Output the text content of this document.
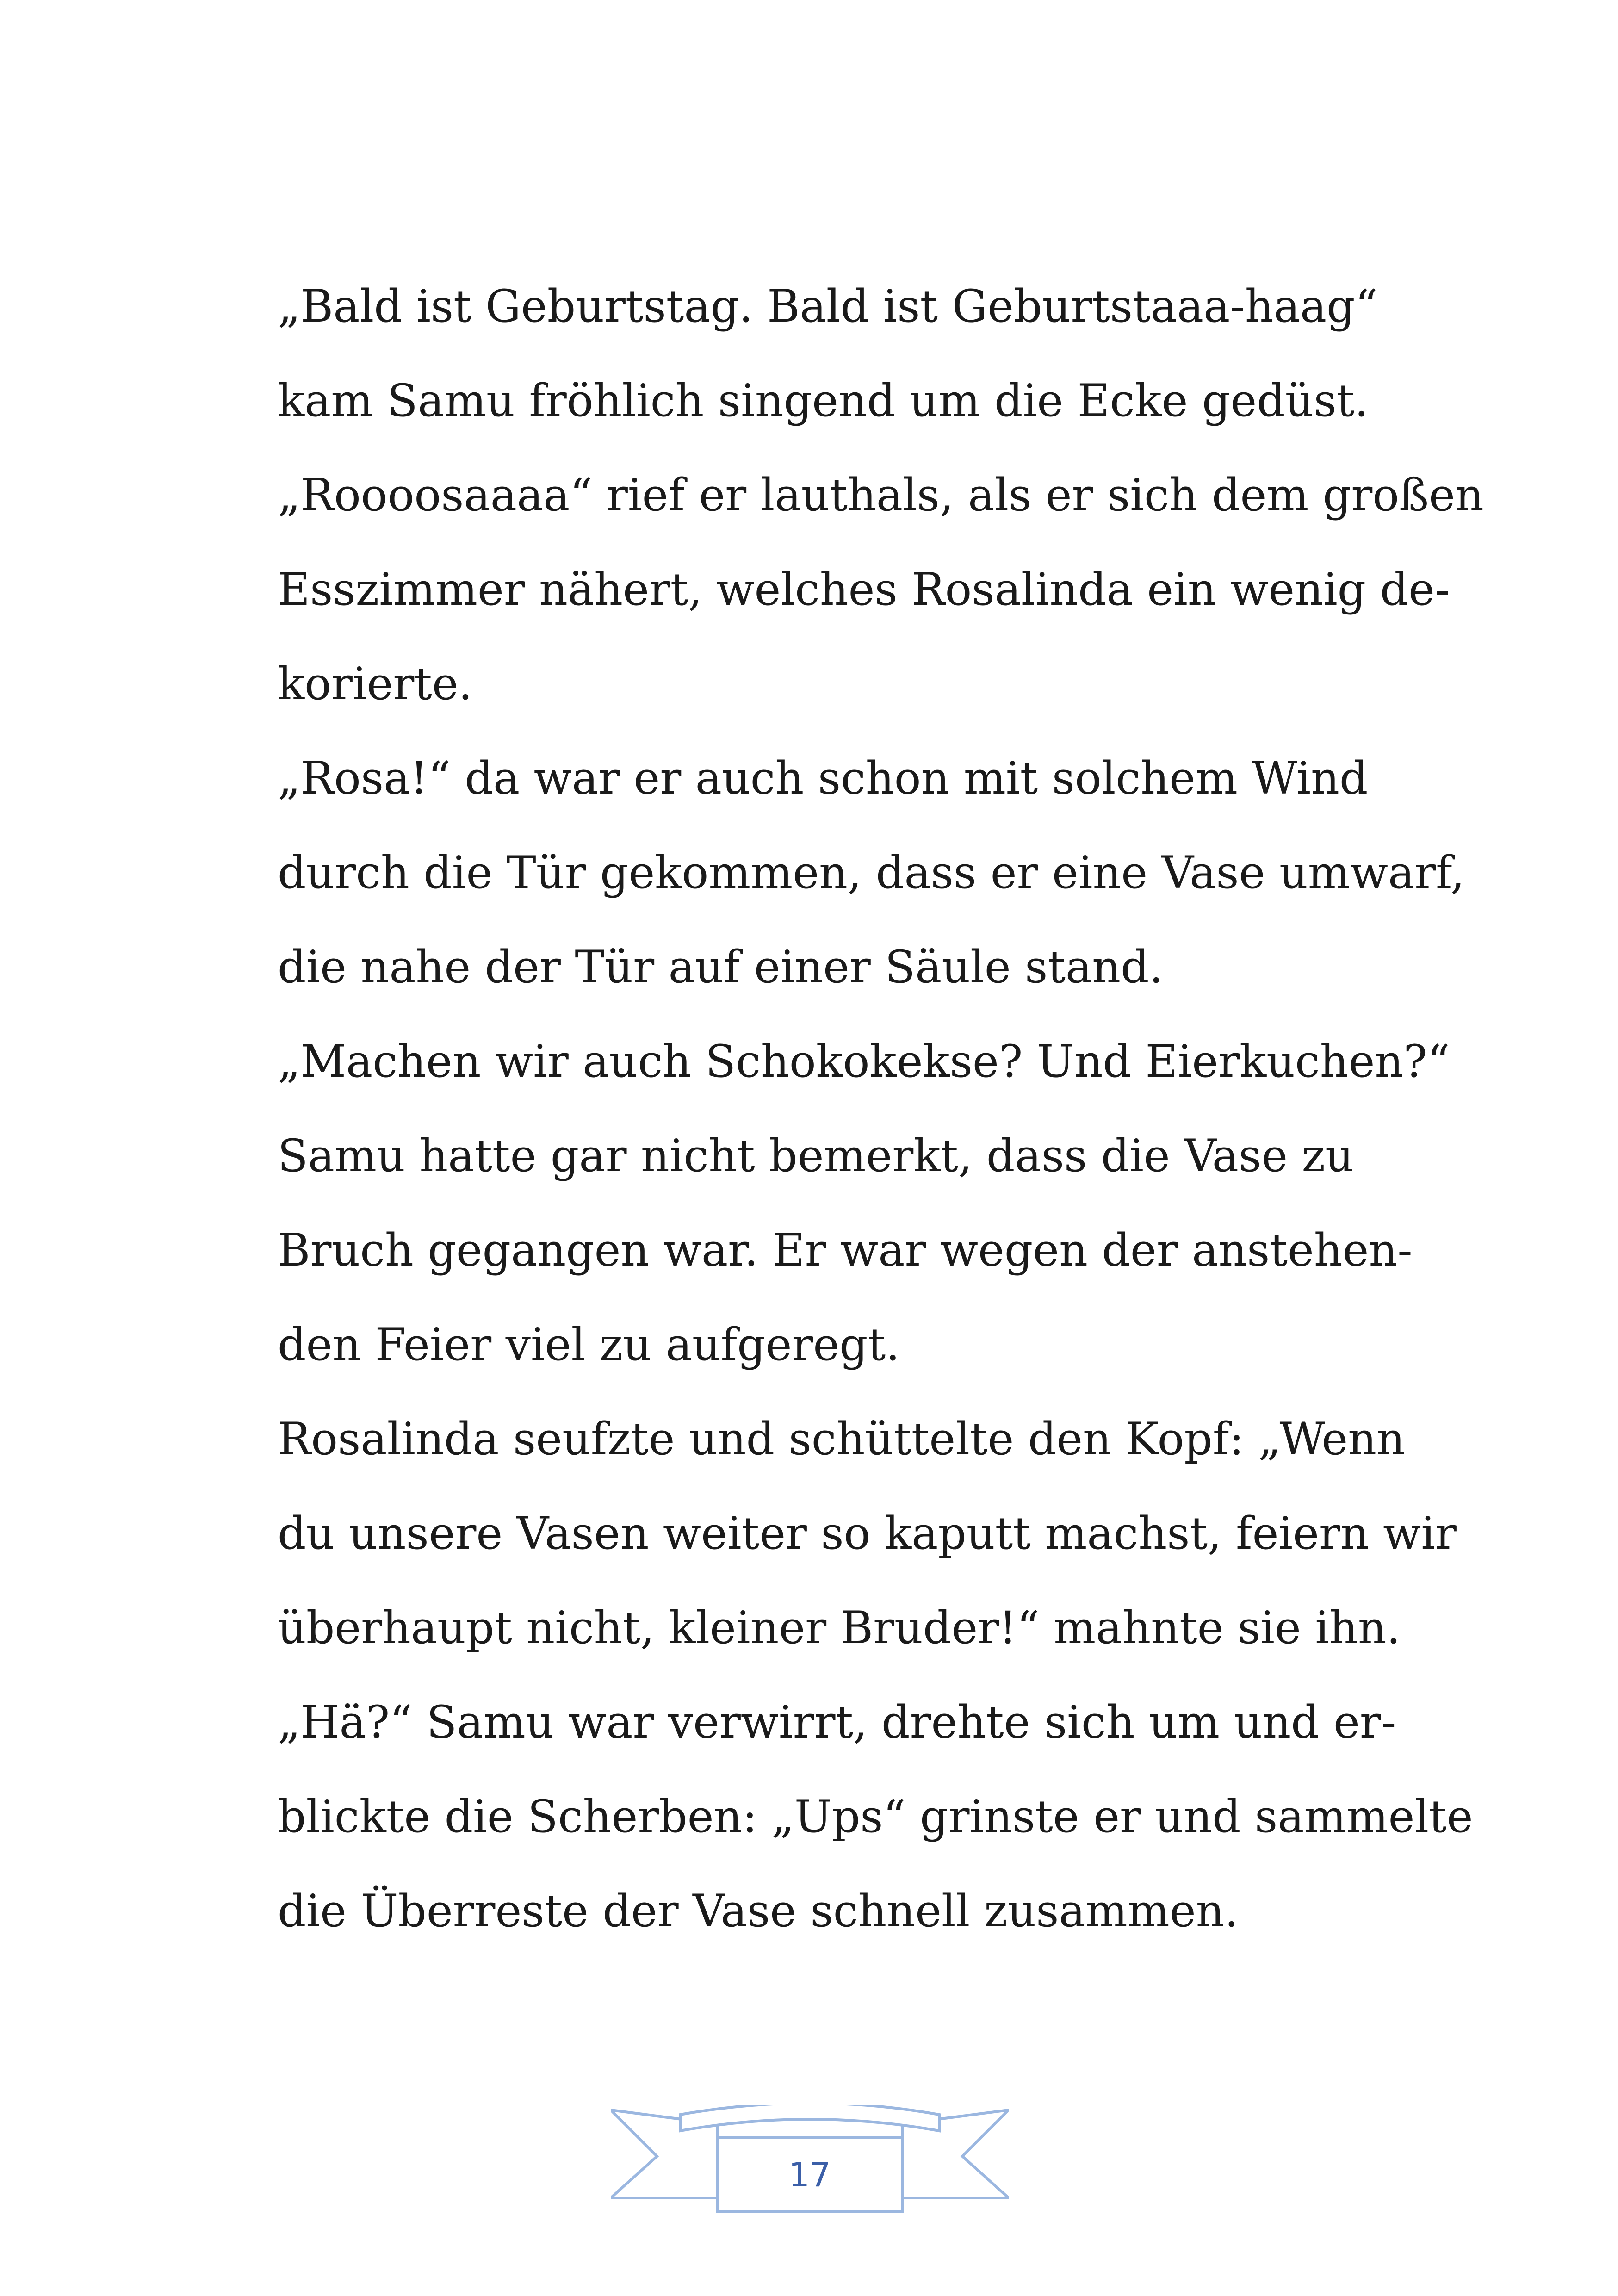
„Bald ist Geburtstag. Bald ist Geburtstaaa-haag“
kam Samu fröhlich singend um die Ecke gedüst.
„Roooosaaaa“ rief er lauthals, als er sich dem großen
Esszimmer nähert, welches Rosalinda ein wenig de-
korierte.
„Rosa!“ da war er auch schon mit solchem Wind
durch die Tür gekommen, dass er eine Vase umwarf,
die nahe der Tür auf einer Säule stand.
„Machen wir auch Schokokekse? Und Eierkuchen?“
Samu hatte gar nicht bemerkt, dass die Vase zu
Bruch gegangen war. Er war wegen der anstehen-
den Feier viel zu aufgeregt.
Rosalinda seufzte und schüttelte den Kopf: „Wenn
du unsere Vasen weiter so kaputt machst, feiern wir
überhaupt nicht, kleiner Bruder!“ mahnte sie ihn.
„Hä?“ Samu war verwirrt, drehte sich um und er-
blickte die Scherben: „Ups“ grinste er und sammelte
die Überreste der Vase schnell zusammen.
17
